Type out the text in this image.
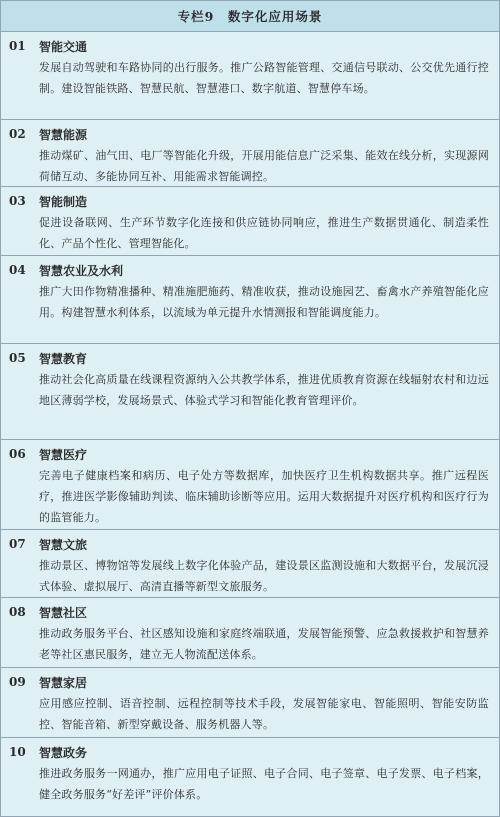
专栏9　数字化应用场景
01	智能交通
发展自动驾驶和车路协同的出行服务。推广公路智能管理、交通信号联动、公交优先通行控制。建设智能铁路、智慧民航、智慧港口、数字航道、智慧停车场。
02	智慧能源
推动煤矿、油气田、电厂等智能化升级，开展用能信息广泛采集、能效在线分析，实现源网荷储互动、多能协同互补、用能需求智能调控。
03	智能制造
促进设备联网、生产环节数字化连接和供应链协同响应，推进生产数据贯通化、制造柔性化、产品个性化、管理智能化。
04	智慧农业及水利
推广大田作物精准播种、精准施肥施药、精准收获，推动设施园艺、畜禽水产养殖智能化应用。构建智慧水利体系，以流域为单元提升水情测报和智能调度能力。
05	智慧教育
推动社会化高质量在线课程资源纳入公共教学体系，推进优质教育资源在线辐射农村和边远地区薄弱学校，发展场景式、体验式学习和智能化教育管理评价。
06	智慧医疗
完善电子健康档案和病历、电子处方等数据库，加快医疗卫生机构数据共享。推广远程医疗，推进医学影像辅助判读、临床辅助诊断等应用。运用大数据提升对医疗机构和医疗行为的监管能力。
07	智慧文旅
推动景区、博物馆等发展线上数字化体验产品，建设景区监测设施和大数据平台，发展沉浸式体验、虚拟展厅、高清直播等新型文旅服务。
08	智慧社区
推动政务服务平台、社区感知设施和家庭终端联通，发展智能预警、应急救援救护和智慧养老等社区惠民服务，建立无人物流配送体系。
09	智慧家居
应用感应控制、语音控制、远程控制等技术手段，发展智能家电、智能照明、智能安防监控、智能音箱、新型穿戴设备、服务机器人等。
10	智慧政务
推进政务服务一网通办，推广应用电子证照、电子合同、电子签章、电子发票、电子档案，健全政务服务“好差评”评价体系。
